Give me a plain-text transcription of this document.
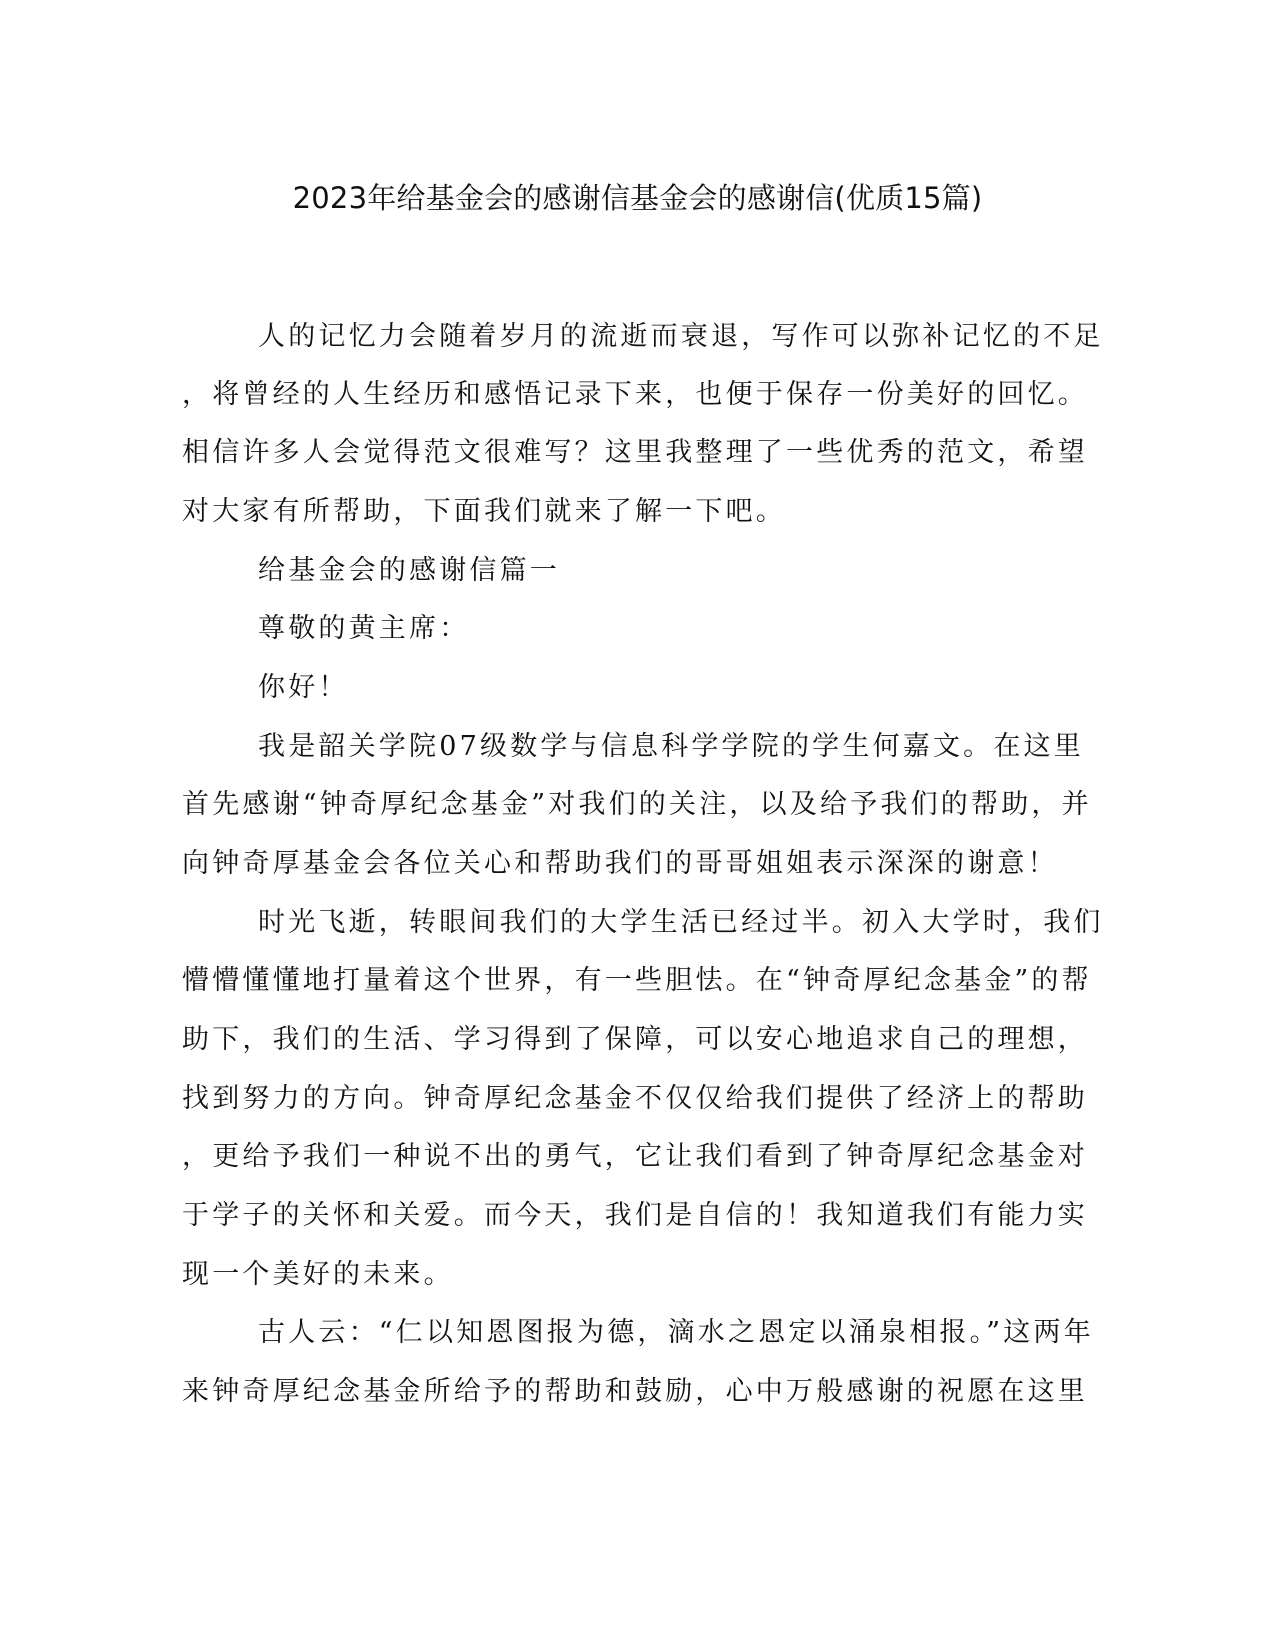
2023年给基金会的感谢信基金会的感谢信(优质15篇)
人的记忆力会随着岁月的流逝而衰退，写作可以弥补记忆的不足
，将曾经的人生经历和感悟记录下来，也便于保存一份美好的回忆。
相信许多人会觉得范文很难写？这里我整理了一些优秀的范文，希望
对大家有所帮助，下面我们就来了解一下吧。
给基金会的感谢信篇一
尊敬的黄主席：
你好！
我是韶关学院07级数学与信息科学学院的学生何嘉文。在这里
首先感谢“钟奇厚纪念基金”对我们的关注，以及给予我们的帮助，并
向钟奇厚基金会各位关心和帮助我们的哥哥姐姐表示深深的谢意！
时光飞逝，转眼间我们的大学生活已经过半。初入大学时，我们
懵懵懂懂地打量着这个世界，有一些胆怯。在“钟奇厚纪念基金”的帮
助下，我们的生活、学习得到了保障，可以安心地追求自己的理想，
找到努力的方向。钟奇厚纪念基金不仅仅给我们提供了经济上的帮助
，更给予我们一种说不出的勇气，它让我们看到了钟奇厚纪念基金对
于学子的关怀和关爱。而今天，我们是自信的！我知道我们有能力实
现一个美好的未来。
古人云：“仁以知恩图报为德，滴水之恩定以涌泉相报。”这两年
来钟奇厚纪念基金所给予的帮助和鼓励，心中万般感谢的祝愿在这里
